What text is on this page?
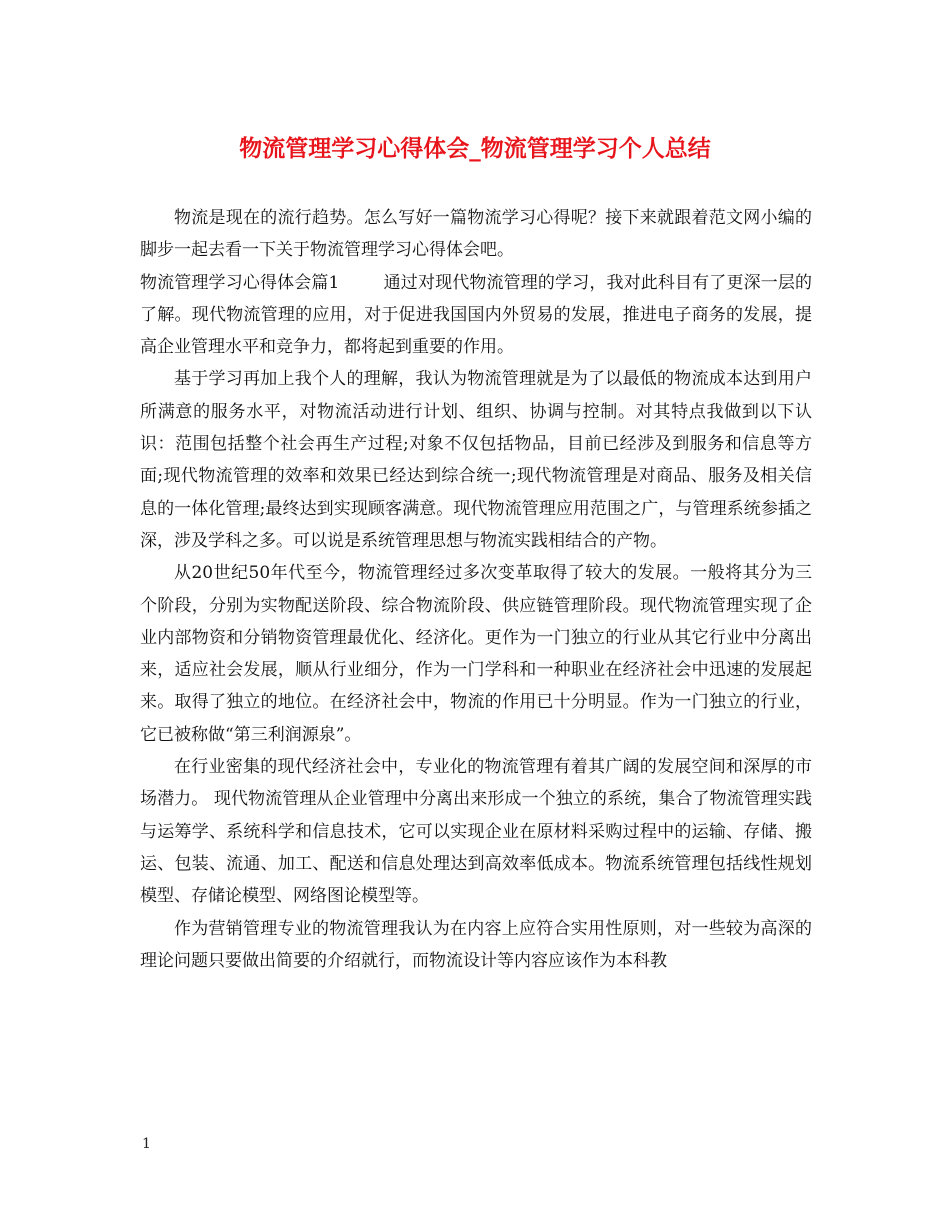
物流管理学习心得体会_物流管理学习个人总结

物流是现在的流行趋势。怎么写好一篇物流学习心得呢？接下来就跟着范文网小编的脚步一起去看一下关于物流管理学习心得体会吧。

物流管理学习心得体会篇1	通过对现代物流管理的学习，我对此科目有了更深一层的了解。现代物流管理的应用，对于促进我国国内外贸易的发展，推进电子商务的发展，提高企业管理水平和竞争力，都将起到重要的作用。

基于学习再加上我个人的理解，我认为物流管理就是为了以最低的物流成本达到用户所满意的服务水平，对物流活动进行计划、组织、协调与控制。对其特点我做到以下认识：范围包括整个社会再生产过程;对象不仅包括物品，目前已经涉及到服务和信息等方面;现代物流管理的效率和效果已经达到综合统一;现代物流管理是对商品、服务及相关信息的一体化管理;最终达到实现顾客满意。现代物流管理应用范围之广，与管理系统参插之深，涉及学科之多。可以说是系统管理思想与物流实践相结合的产物。

从20世纪50年代至今，物流管理经过多次变革取得了较大的发展。一般将其分为三个阶段，分别为实物配送阶段、综合物流阶段、供应链管理阶段。现代物流管理实现了企业内部物资和分销物资管理最优化、经济化。更作为一门独立的行业从其它行业中分离出来，适应社会发展，顺从行业细分，作为一门学科和一种职业在经济社会中迅速的发展起来。取得了独立的地位。在经济社会中，物流的作用已十分明显。作为一门独立的行业，它已被称做“第三利润源泉”。

在行业密集的现代经济社会中，专业化的物流管理有着其广阔的发展空间和深厚的市场潜力。 现代物流管理从企业管理中分离出来形成一个独立的系统，集合了物流管理实践与运筹学、系统科学和信息技术，它可以实现企业在原材料采购过程中的运输、存储、搬运、包装、流通、加工、配送和信息处理达到高效率低成本。物流系统管理包括线性规划模型、存储论模型、网络图论模型等。

作为营销管理专业的物流管理我认为在内容上应符合实用性原则，对一些较为高深的理论问题只要做出简要的介绍就行，而物流设计等内容应该作为本科教

1
